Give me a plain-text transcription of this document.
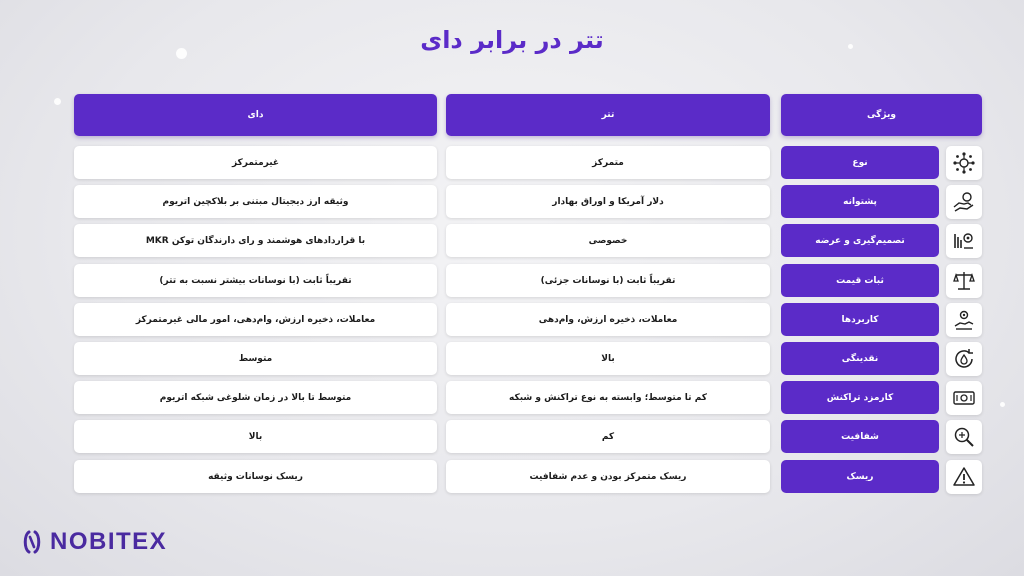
تتر در برابر دای
دای	تتر	ویژگی
غیرمتمرکز	متمرکز	نوع
وثیقه ارز دیجیتال مبتنی بر بلاکچین اتریوم	دلار آمریکا و اوراق بهادار	پشتوانه
با قراردادهای هوشمند و رای دارندگان توکن MKR	خصوصی	تصمیم‌گیری و عرضه
تقریباً ثابت (با نوسانات بیشتر نسبت به تتر)	تقریباً ثابت (با نوسانات جزئی)	ثبات قیمت
معاملات، ذخیره ارزش، وام‌دهی، امور مالی غیرمتمرکز	معاملات، ذخیره ارزش، وام‌دهی	کاربردها
متوسط	بالا	نقدینگی
متوسط تا بالا در زمان شلوغی شبکه اتریوم	کم تا متوسط؛ وابسته به نوع تراکنش و شبکه	کارمزد تراکنش
بالا	کم	شفافیت
ریسک نوسانات وثیقه	ریسک متمرکز بودن و عدم شفافیت	ریسک
NOBITEX
